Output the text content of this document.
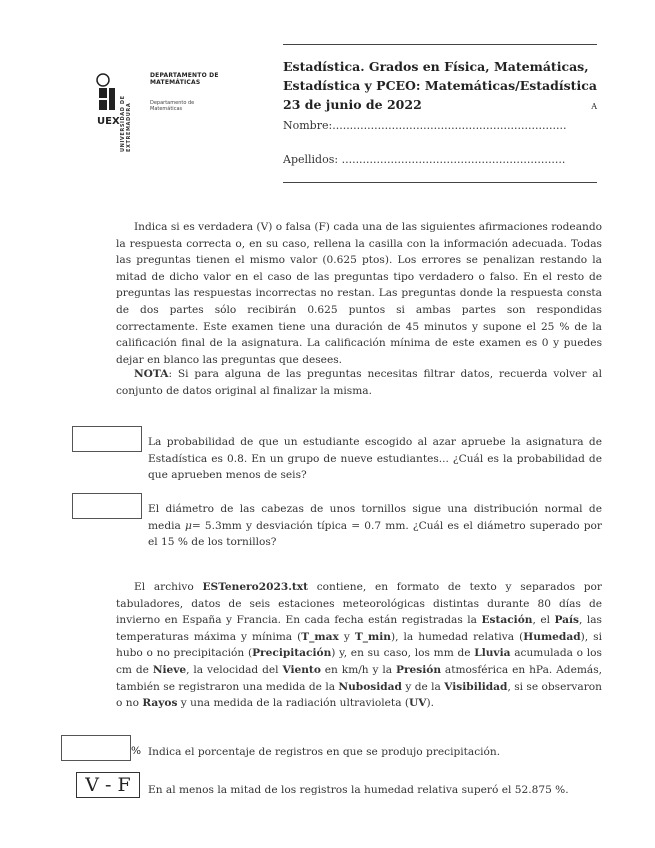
UEX UNIVERSIDAD DE EXTREMADURA
DEPARTAMENTO DE MATEMÁTICAS
Departamento de Matemáticas
Estadística. Grados en Física, Matemáticas, Estadística y PCEO: Matemáticas/Estadística
23 de junio de 2022	A
Nombre:...................................................................
Apellidos: ................................................................
Indica si es verdadera (V) o falsa (F) cada una de las siguientes afirmaciones rodeando la respuesta correcta o, en su caso, rellena la casilla con la información adecuada. Todas las preguntas tienen el mismo valor (0.625 ptos). Los errores se penalizan restando la mitad de dicho valor en el caso de las preguntas tipo verdadero o falso. En el resto de preguntas las respuestas incorrectas no restan. Las preguntas donde la respuesta consta de dos partes sólo recibirán 0.625 puntos si ambas partes son respondidas correctamente. Este examen tiene una duración de 45 minutos y supone el 25 % de la calificación final de la asignatura. La calificación mínima de este examen es 0 y puedes dejar en blanco las preguntas que desees.
NOTA: Si para alguna de las preguntas necesitas filtrar datos, recuerda volver al conjunto de datos original al finalizar la misma.
La probabilidad de que un estudiante escogido al azar apruebe la asignatura de Estadística es 0.8. En un grupo de nueve estudiantes... ¿Cuál es la probabilidad de que aprueben menos de seis?
El diámetro de las cabezas de unos tornillos sigue una distribución normal de media μ= 5.3mm y desviación típica = 0.7 mm. ¿Cuál es el diámetro superado por el 15 % de los tornillos?
El archivo ESTenero2023.txt contiene, en formato de texto y separados por tabuladores, datos de seis estaciones meteorológicas distintas durante 80 días de invierno en España y Francia. En cada fecha están registradas la Estación, el País, las temperaturas máxima y mínima (T_max y T_min), la humedad relativa (Humedad), si hubo o no precipitación (Precipitación) y, en su caso, los mm de Lluvia acumulada o los cm de Nieve, la velocidad del Viento en km/h y la Presión atmosférica en hPa. Además, también se registraron una medida de la Nubosidad y de la Visibilidad, si se observaron o no Rayos y una medida de la radiación ultravioleta (UV).
% Indica el porcentaje de registros en que se produjo precipitación.
V - F	En al menos la mitad de los registros la humedad relativa superó el 52.875 %.
